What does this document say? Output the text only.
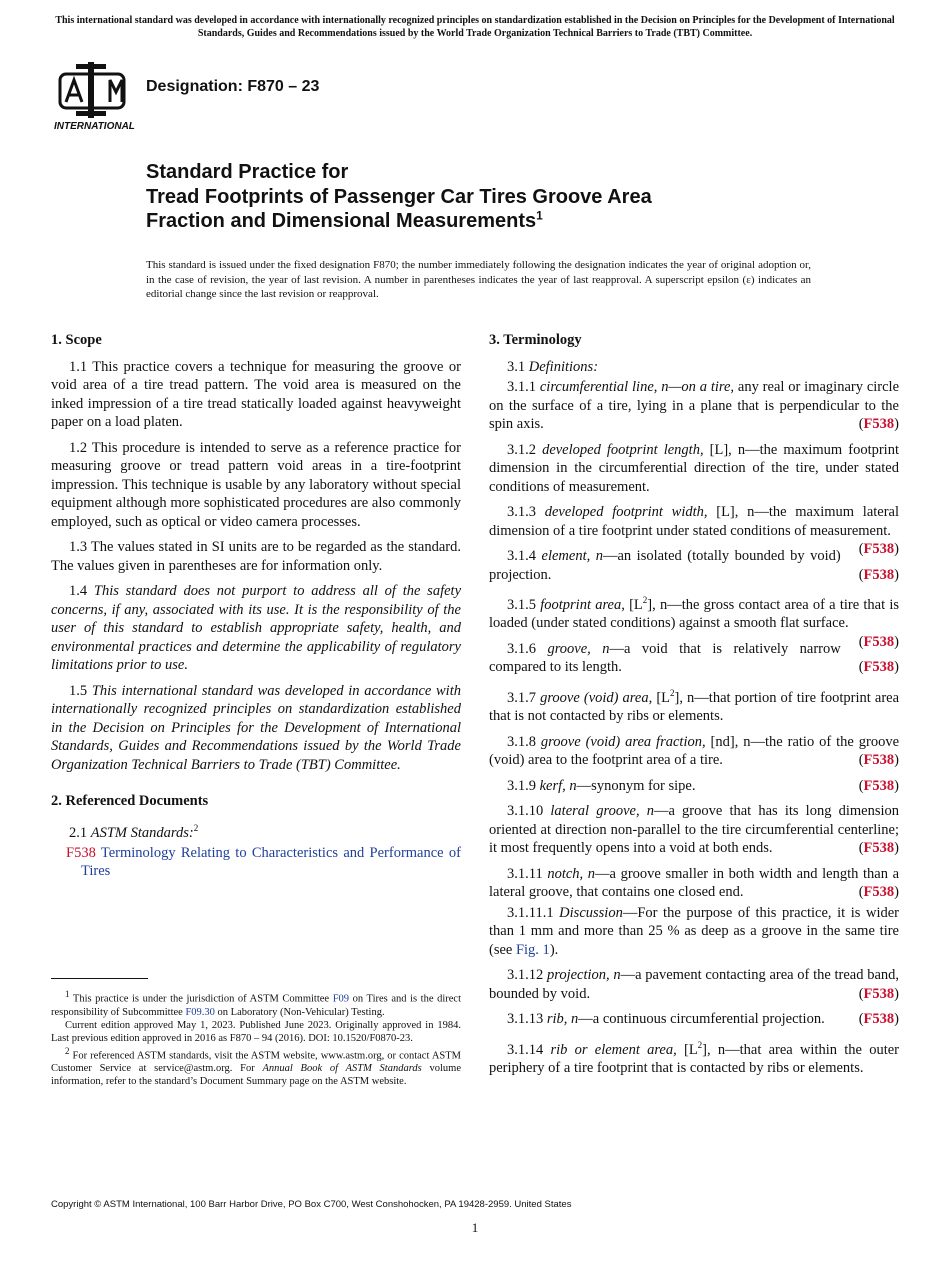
This international standard was developed in accordance with internationally recognized principles on standardization established in the Decision on Principles for the Development of International Standards, Guides and Recommendations issued by the World Trade Organization Technical Barriers to Trade (TBT) Committee.
INTERNATIONAL
Designation: F870 – 23
Standard Practice for
Tread Footprints of Passenger Car Tires Groove Area
Fraction and Dimensional Measurements$^1$
This standard is issued under the fixed designation F870; the number immediately following the designation indicates the year of original adoption or, in the case of revision, the year of last revision. A number in parentheses indicates the year of last reapproval. A superscript epsilon (ε) indicates an editorial change since the last revision or reapproval.
1. Scope

1.1 This practice covers a technique for measuring the groove or void area of a tire tread pattern. The void area is measured on the inked impression of a tire tread statically loaded against heavyweight paper on a load platen.

1.2 This procedure is intended to serve as a reference practice for measuring groove or tread pattern void areas in a tire-footprint impression. This technique is usable by any laboratory without special equipment although more sophisticated procedures are also commonly employed, such as optical or video camera processes.

1.3 The values stated in SI units are to be regarded as the standard. The values given in parentheses are for information only.

1.4 This standard does not purport to address all of the safety concerns, if any, associated with its use. It is the responsibility of the user of this standard to establish appropriate safety, health, and environmental practices and determine the applicability of regulatory limitations prior to use.

1.5 This international standard was developed in accordance with internationally recognized principles on standardization established in the Decision on Principles for the Development of International Standards, Guides and Recommendations issued by the World Trade Organization Technical Barriers to Trade (TBT) Committee.

2. Referenced Documents

2.1 ASTM Standards:$^2$

F538 Terminology Relating to Characteristics and Performance of Tires

$^1$ This practice is under the jurisdiction of ASTM Committee F09 on Tires and is the direct responsibility of Subcommittee F09.30 on Laboratory (Non-Vehicular) Testing.

Current edition approved May 1, 2023. Published June 2023. Originally approved in 1984. Last previous edition approved in 2016 as F870 – 94 (2016). DOI: 10.1520/F0870-23.

$^2$ For referenced ASTM standards, visit the ASTM website, www.astm.org, or contact ASTM Customer Service at service@astm.org. For Annual Book of ASTM Standards volume information, refer to the standard’s Document Summary page on the ASTM website.

3. Terminology

3.1 Definitions:

3.1.1 circumferential line, n—on a tire, any real or imaginary circle on the surface of a tire, lying in a plane that is perpendicular to the spin axis.	(F538)

3.1.2 developed footprint length, [L], n—the maximum footprint dimension in the circumferential direction of the tire, under stated conditions of measurement.

3.1.3 developed footprint width, [L], n—the maximum lateral dimension of a tire footprint under stated conditions of measurement.
(F538)

3.1.4 element, n—an isolated (totally bounded by void) projection.	(F538)

3.1.5 footprint area, $[L^2]$, n—the gross contact area of a tire that is loaded (under stated conditions) against a smooth flat surface.
(F538)

3.1.6 groove, n—a void that is relatively narrow compared to its length.	(F538)

3.1.7 groove (void) area, $[L^2]$, n—that portion of tire footprint area that is not contacted by ribs or elements.

3.1.8 groove (void) area fraction, [nd], n—the ratio of the groove (void) area to the footprint area of a tire.	(F538)

3.1.9 kerf, n—synonym for sipe.	(F538)

3.1.10 lateral groove, n—a groove that has its long dimension oriented at direction non-parallel to the tire circumferential centerline; it most frequently opens into a void at both ends.	(F538)

3.1.11 notch, n—a groove smaller in both width and length than a lateral groove, that contains one closed end.	(F538)

3.1.11.1 Discussion—For the purpose of this practice, it is wider than 1 mm and more than 25 % as deep as a groove in the same tire (see Fig. 1).

3.1.12 projection, n—a pavement contacting area of the tread band, bounded by void.	(F538)

3.1.13 rib, n—a continuous circumferential projection.	(F538)

3.1.14 rib or element area, $[L^2]$, n—that area within the outer periphery of a tire footprint that is contacted by ribs or elements.

Copyright © ASTM International, 100 Barr Harbor Drive, PO Box C700, West Conshohocken, PA 19428-2959. United States
1
